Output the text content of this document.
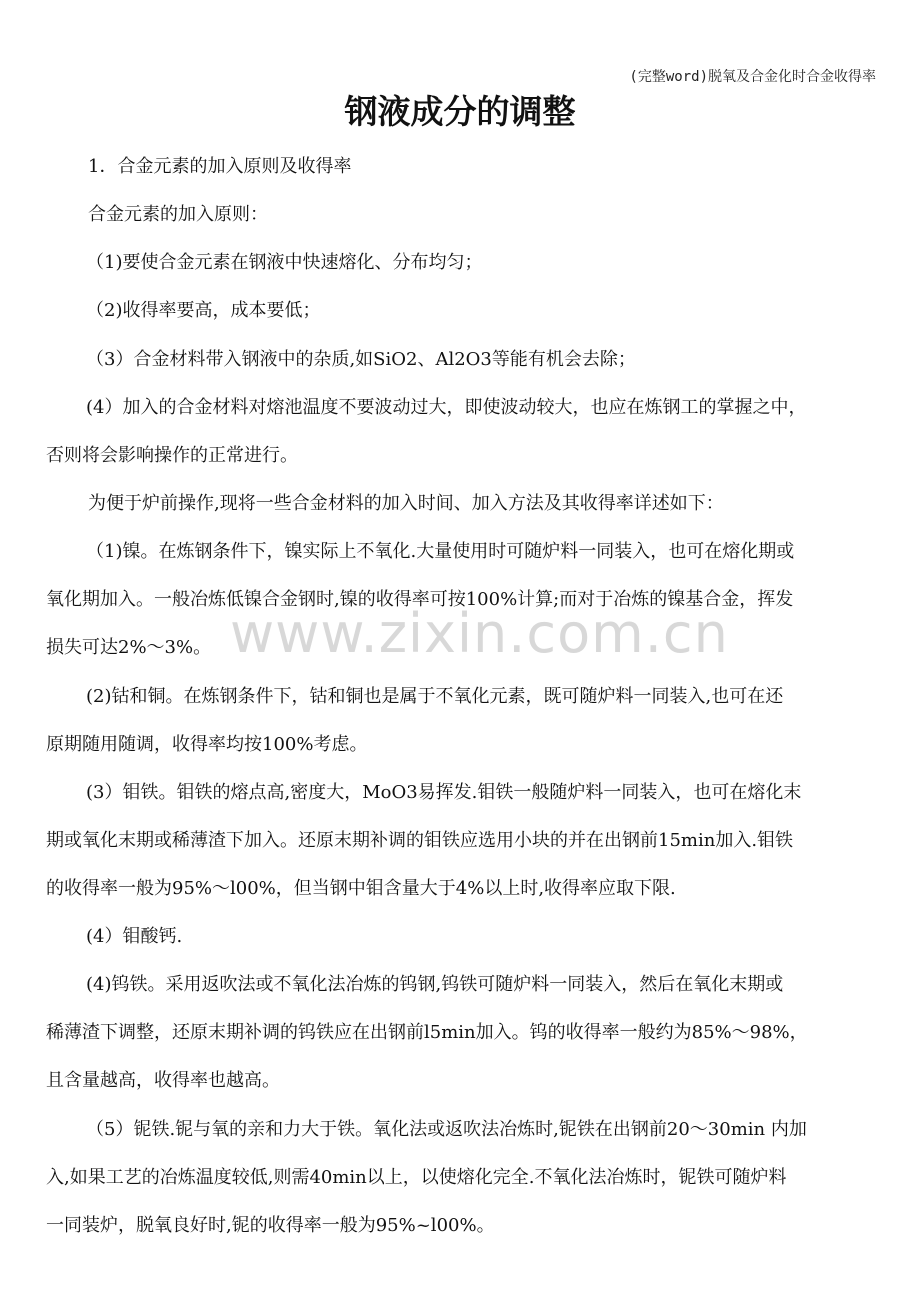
(完整word)脱氧及合金化时合金收得率
钢液成分的调整
www.zixin.com.cn
1．合金元素的加入原则及收得率
合金元素的加入原则：
（1)要使合金元素在钢液中快速熔化、分布均匀；
（2)收得率要高，成本要低；
（3）合金材料带入钢液中的杂质,如SiO2、Al2O3等能有机会去除；
(4）加入的合金材料对熔池温度不要波动过大，即使波动较大，也应在炼钢工的掌握之中，
否则将会影响操作的正常进行。
为便于炉前操作,现将一些合金材料的加入时间、加入方法及其收得率详述如下：
（1)镍。在炼钢条件下，镍实际上不氧化.大量使用时可随炉料一同装入，也可在熔化期或
氧化期加入。一般冶炼低镍合金钢时,镍的收得率可按100%计算;而对于冶炼的镍基合金，挥发
损失可达2%～3%。
(2)钴和铜。在炼钢条件下，钴和铜也是属于不氧化元素，既可随炉料一同装入,也可在还
原期随用随调，收得率均按100%考虑。
(3）钼铁。钼铁的熔点高,密度大，MoO3易挥发.钼铁一般随炉料一同装入，也可在熔化末
期或氧化末期或稀薄渣下加入。还原末期补调的钼铁应选用小块的并在出钢前15min加入.钼铁
的收得率一般为95%～l00%，但当钢中钼含量大于4%以上时,收得率应取下限.
(4）钼酸钙.
(4)钨铁。采用返吹法或不氧化法冶炼的钨钢,钨铁可随炉料一同装入，然后在氧化末期或
稀薄渣下调整，还原末期补调的钨铁应在出钢前l5min加入。钨的收得率一般约为85%～98%，
且含量越高，收得率也越高。
（5）铌铁.铌与氧的亲和力大于铁。氧化法或返吹法冶炼时,铌铁在出钢前20～30min 内加
入,如果工艺的冶炼温度较低,则需40min以上，以使熔化完全.不氧化法冶炼时，铌铁可随炉料
一同装炉，脱氧良好时,铌的收得率一般为95%~l00%。
